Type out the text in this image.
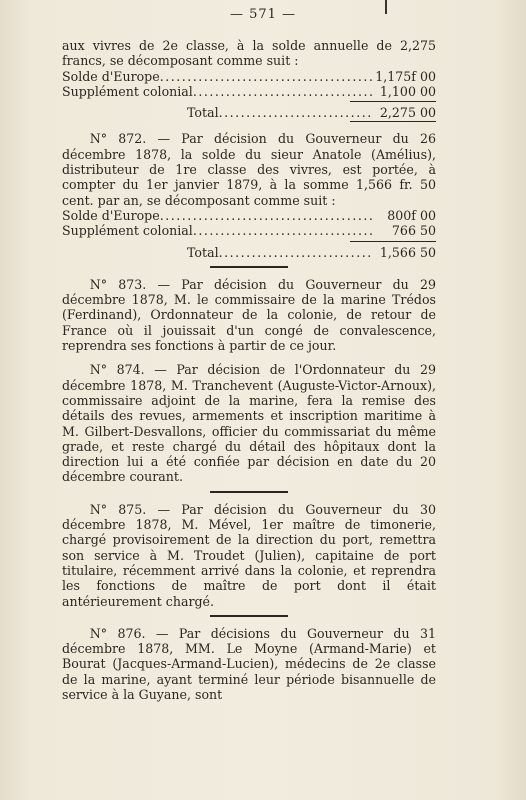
— 571 —

aux vivres de 2e classe, à la solde annuelle de 2,275 francs, se décomposant comme suit :

Solde d'Europe .....	1,175f 00
Supplément colonial .....	1,100 00
Total .....	2,275 00

N° 872. — Par décision du Gouverneur du 26 décembre 1878, la solde du sieur Anatole (Amélius), distributeur de 1re classe des vivres, est portée, à compter du 1er janvier 1879, à la somme 1,566 fr. 50 cent. par an, se décomposant comme suit :

Solde d'Europe .....	800f 00
Supplément colonial .....	766 50
Total .....	1,566 50

N° 873. — Par décision du Gouverneur du 29 décembre 1878, M. le commissaire de la marine Trédos (Ferdinand), Ordonnateur de la colonie, de retour de France où il jouissait d'un congé de convalescence, reprendra ses fonctions à partir de ce jour.

N° 874. — Par décision de l'Ordonnateur du 29 décembre 1878, M. Tranchevent (Auguste-Victor-Arnoux), commissaire adjoint de la marine, fera la remise des détails des revues, armements et inscription maritime à M. Gilbert-Desvallons, officier du commissariat du même grade, et reste chargé du détail des hôpitaux dont la direction lui a été confiée par décision en date du 20 décembre courant.

N° 875. — Par décision du Gouverneur du 30 décembre 1878, M. Mével, 1er maître de timonerie, chargé provisoirement de la direction du port, remettra son service à M. Troudet (Julien), capitaine de port titulaire, récemment arrivé dans la colonie, et reprendra les fonctions de maître de port dont il était antérieurement chargé.

N° 876. — Par décisions du Gouverneur du 31 décembre 1878, MM. Le Moyne (Armand-Marie) et Bourat (Jacques-Armand-Lucien), médecins de 2e classe de la marine, ayant terminé leur période bisannuelle de service à la Guyane, sont
